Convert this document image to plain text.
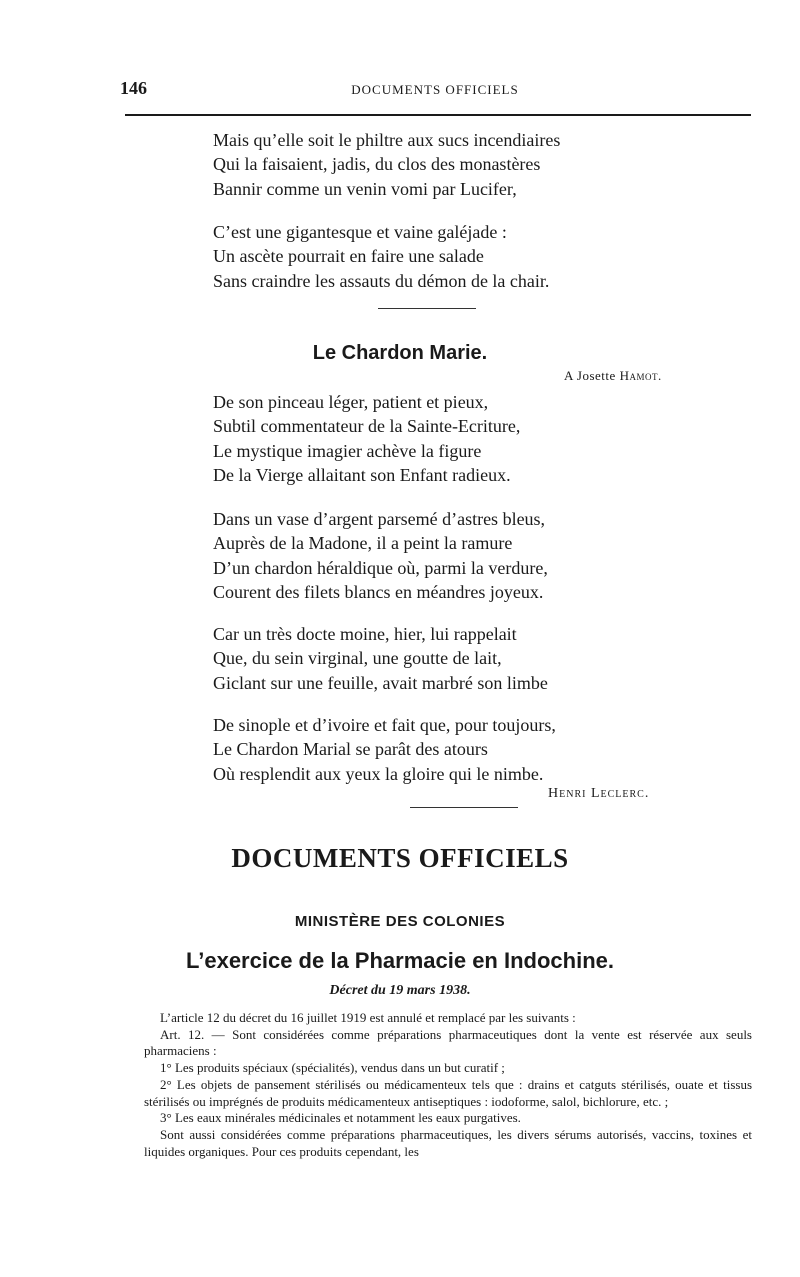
146	DOCUMENTS OFFICIELS
Mais qu’elle soit le philtre aux sucs incendiaires
Qui la faisaient, jadis, du clos des monastères
Bannir comme un venin vomi par Lucifer,
C’est une gigantesque et vaine galéjade :
Un ascète pourrait en faire une salade
Sans craindre les assauts du démon de la chair.
Le Chardon Marie.
A Josette Hamot.
De son pinceau léger, patient et pieux,
Subtil commentateur de la Sainte-Ecriture,
Le mystique imagier achève la figure
De la Vierge allaitant son Enfant radieux.
Dans un vase d’argent parsemé d’astres bleus,
Auprès de la Madone, il a peint la ramure
D’un chardon héraldique où, parmi la verdure,
Courent des filets blancs en méandres joyeux.
Car un très docte moine, hier, lui rappelait
Que, du sein virginal, une goutte de lait,
Giclant sur une feuille, avait marbré son limbe
De sinople et d’ivoire et fait que, pour toujours,
Le Chardon Marial se parât des atours
Où resplendit aux yeux la gloire qui le nimbe.
Henri Leclerc.
DOCUMENTS OFFICIELS
MINISTÈRE DES COLONIES
L’exercice de la Pharmacie en Indochine.
Décret du 19 mars 1938.
L’article 12 du décret du 16 juillet 1919 est annulé et remplacé par les suivants :
Art. 12. — Sont considérées comme préparations pharmaceutiques dont la vente est réservée aux seuls pharmaciens :
1° Les produits spéciaux (spécialités), vendus dans un but curatif ;
2° Les objets de pansement stérilisés ou médicamenteux tels que : drains et catguts stérilisés, ouate et tissus stérilisés ou imprégnés de produits médicamenteux antiseptiques : iodoforme, salol, bichlorure, etc. ;
3° Les eaux minérales médicinales et notamment les eaux purgatives.
Sont aussi considérées comme préparations pharmaceutiques, les divers sérums autorisés, vaccins, toxines et liquides organiques. Pour ces produits cependant, les
